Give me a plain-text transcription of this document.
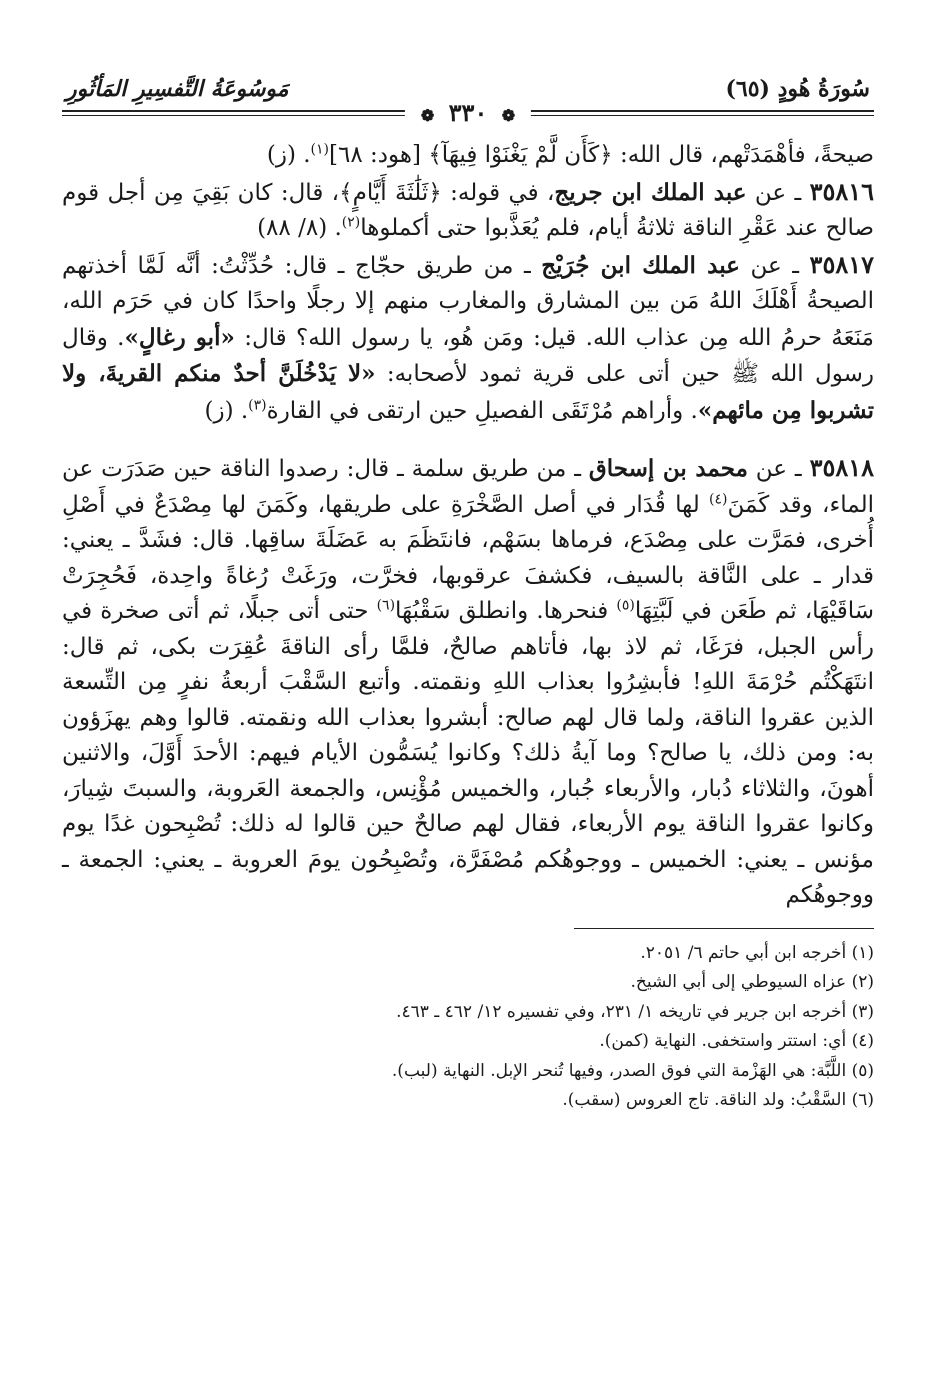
سُورَةُ هُودٍ (٦٥)
مَوسُوعَةُ التَّفسِيرِ المَأثُورِ
❁ ٣٣٠ ❁

صيحةً، فأهْمَدَتْهم، قال الله: ﴿كَأَن لَّمْ يَغْنَوْا فِيهَآ﴾ [هود: ٦٨]$^{(١)}$. (ز)

٣٥٨١٦ ـ عن عبد الملك ابن جريج، في قوله: ﴿ثَلَٰثَةَ أَيَّامٍ﴾، قال: كان بَقِيَ مِن أجل قوم صالح عند عَقْرِ الناقة ثلاثةُ أيام، فلم يُعَذَّبوا حتى أكملوها$^{(٢)}$. (٨/ ٨٨)

٣٥٨١٧ ـ عن عبد الملك ابن جُرَيْج ـ من طريق حجّاج ـ قال: حُدِّثْتُ: أنَّه لَمَّا أخذتهم الصيحةُ أَهْلَكَ اللهُ مَن بين المشارق والمغارب منهم إلا رجلًا واحدًا كان في حَرَم الله، مَنَعَهُ حرمُ الله مِن عذاب الله. قيل: ومَن هُو، يا رسول الله؟ قال: «أبو رغالٍ». وقال رسول الله ﷺ حين أتى على قرية ثمود لأصحابه: «لا يَدْخُلَنَّ أحدٌ منكم القريةَ، ولا تشربوا مِن مائهم». وأراهم مُرْتَقَى الفصيلِ حين ارتقى في القارة$^{(٣)}$. (ز)

٣٥٨١٨ ـ عن محمد بن إسحاق ـ من طريق سلمة ـ قال: رصدوا الناقة حين صَدَرَت عن الماء، وقد كَمَنَ$^{(٤)}$ لها قُدَار في أصل الصَّخْرَةِ على طريقها، وكَمَنَ لها مِصْدَعٌ في أَصْلِ أُخرى، فمَرَّت على مِصْدَع، فرماها بسَهْم، فانتَظَمَ به عَضَلَةَ ساقِها. قال: فشَدَّ ـ يعني: قدار ـ على النَّاقة بالسيف، فكشفَ عرقوبها، فخرَّت، ورَغَتْ رُغاةً واحِدة، فَحُجِرَتْ سَاقَيْهَا، ثم طَعَن في لَبَّتِهَا$^{(٥)}$ فنحرها. وانطلق سَقْبُهَا$^{(٦)}$ حتى أتى جبلًا، ثم أتى صخرة في رأس الجبل، فرَغَا، ثم لاذ بها، فأتاهم صالحٌ، فلمَّا رأى الناقةَ عُقِرَت بكى، ثم قال: انتَهَكْتُم حُرْمَةَ اللهِ! فأبشِرُوا بعذاب اللهِ ونقمته. وأتبع السَّقْبَ أربعةُ نفرٍ مِن التِّسعة الذين عقروا الناقة، ولما قال لهم صالح: أبشروا بعذاب الله ونقمته. قالوا وهم يهزَؤون به: ومن ذلك، يا صالح؟ وما آيةُ ذلك؟ وكانوا يُسَمُّون الأيام فيهم: الأحدَ أَوَّلَ، والاثنين أهونَ، والثلاثاء دُبار، والأربعاء جُبار، والخميس مُؤْنِس، والجمعة العَروبة، والسبتَ شِيارَ، وكانوا عقروا الناقة يوم الأربعاء، فقال لهم صالحٌ حين قالوا له ذلك: تُصْبِحون غدًا يوم مؤنس ـ يعني: الخميس ـ ووجوهُكم مُصْفَرَّة، وتُصْبِحُون يومَ العروبة ـ يعني: الجمعة ـ ووجوهُكم

(١) أخرجه ابن أبي حاتم ٦/ ٢٠٥١.
(٢) عزاه السيوطي إلى أبي الشيخ.
(٣) أخرجه ابن جرير في تاريخه ١/ ٢٣١، وفي تفسيره ١٢/ ٤٦٢ ـ ٤٦٣.
(٤) أي: استتر واستخفى. النهاية (كمن).
(٥) اللَّبَّة: هي الهَزْمة التي فوق الصدر، وفيها تُنحر الإبل. النهاية (لبب).
(٦) السَّقْبُ: ولد الناقة. تاج العروس (سقب).
